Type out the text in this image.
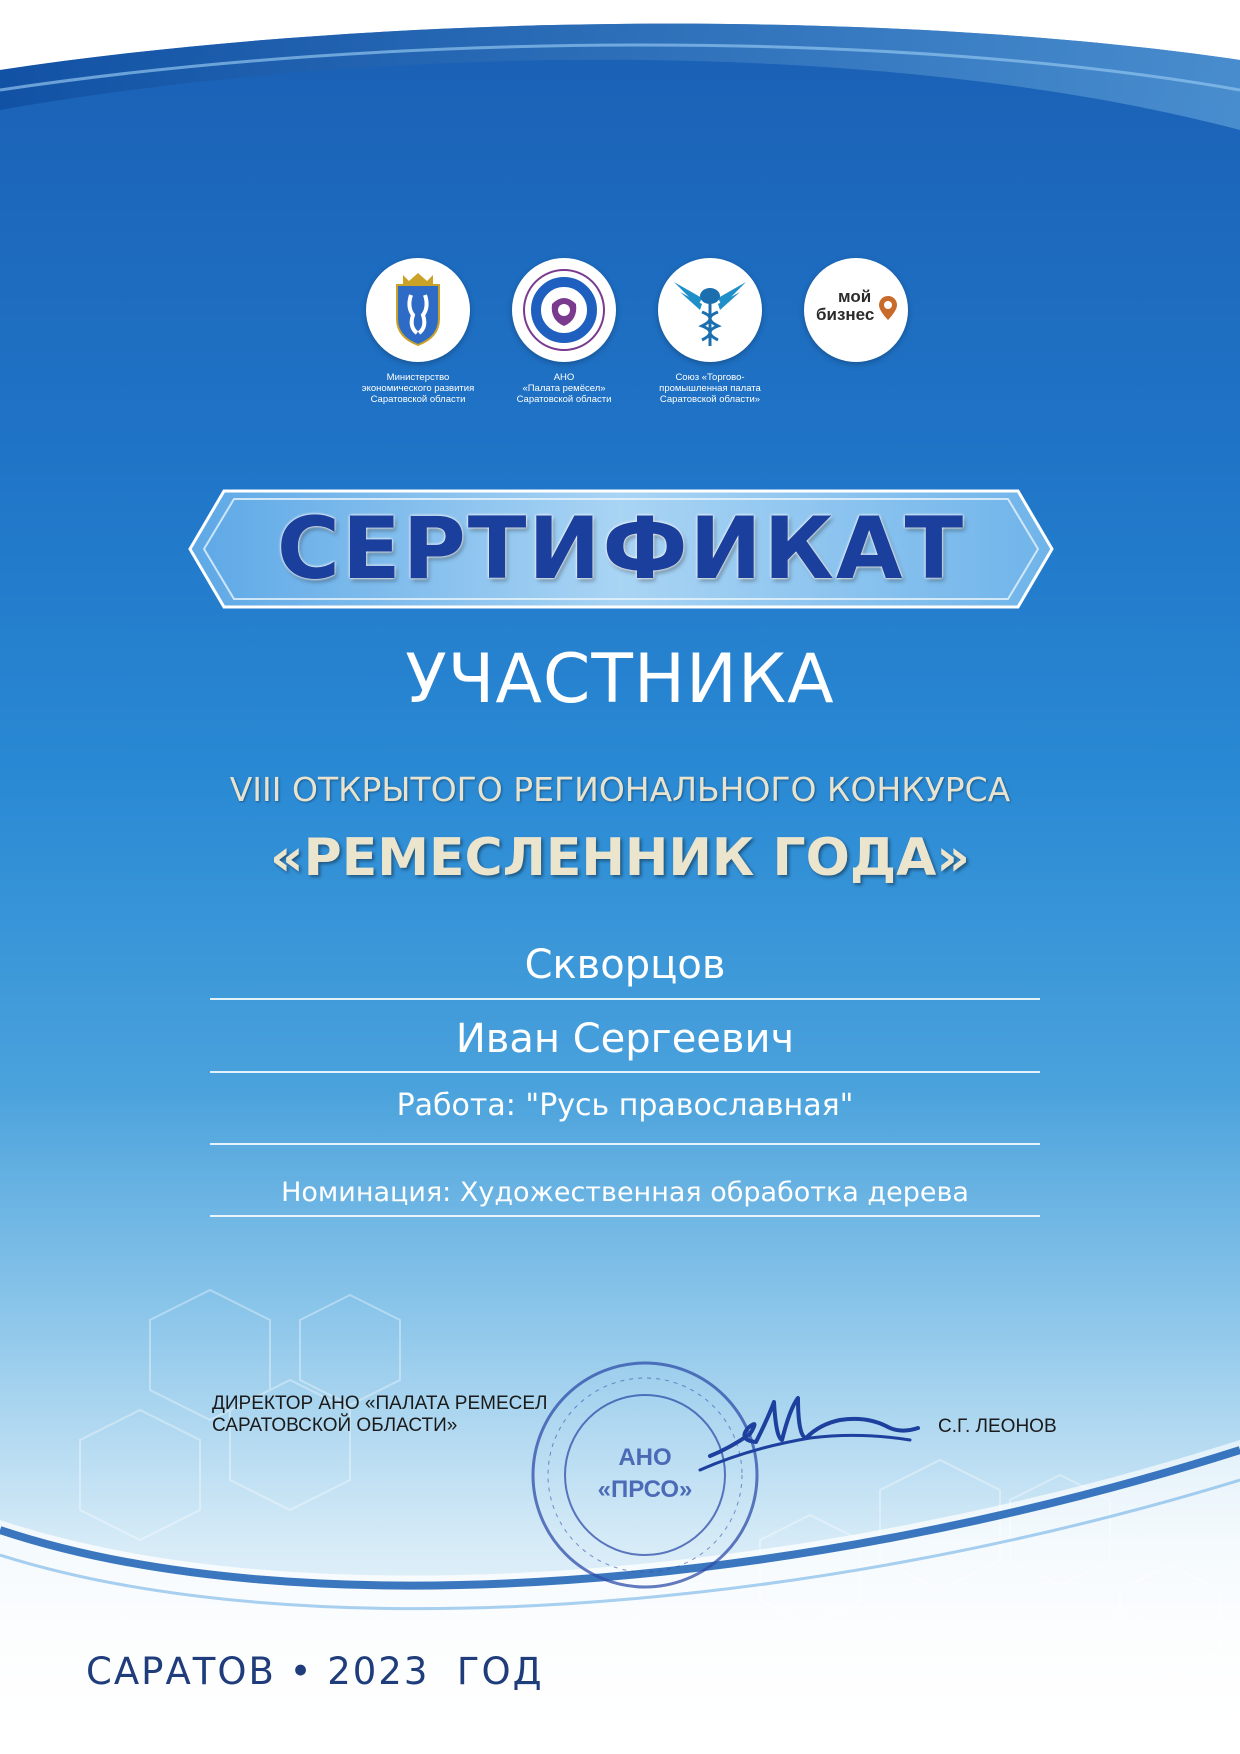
Министерство
экономического развития
Саратовской области
АНО
«Палата ремёсел»
Саратовской области
Союз «Торгово-
промышленная палата
Саратовской области»
мой
бизнес
СЕРТИФИКАТ
УЧАСТНИКА
VIII ОТКРЫТОГО РЕГИОНАЛЬНОГО КОНКУРСА
«РЕМЕСЛЕННИК ГОДА»
Скворцов
Иван Сергеевич
Работа: "Русь православная"
Номинация: Художественная обработка дерева
АНО
«ПРСО»
ДИРЕКТОР АНО «ПАЛАТА РЕМЕСЕЛ
САРАТОВСКОЙ ОБЛАСТИ»	С.Г. ЛЕОНОВ
САРАТОВ • 2023  ГОД
